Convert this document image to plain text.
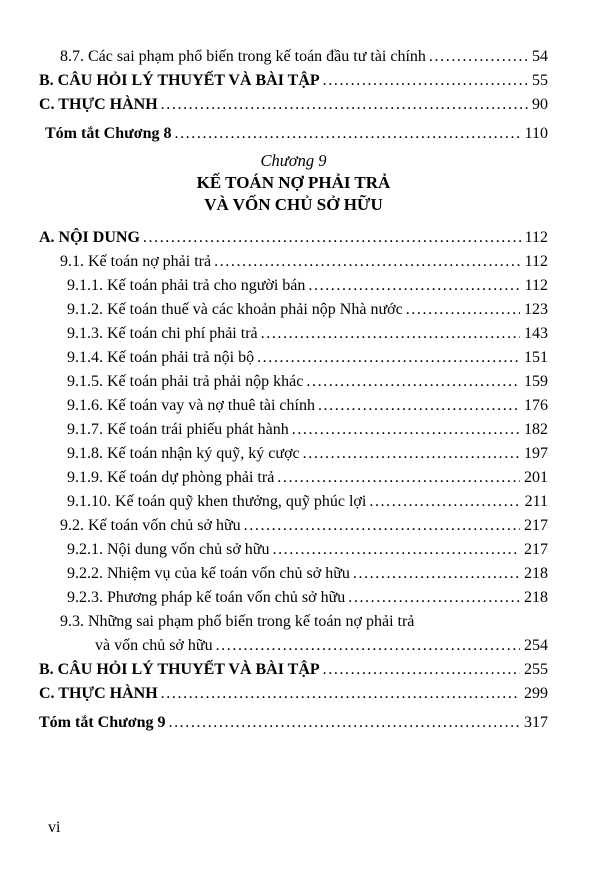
8.7. Các sai phạm phổ biến trong kế toán đầu tư tài chính .....	54
B. CÂU HỎI LÝ THUYẾT VÀ BÀI TẬP .....	55
C. THỰC HÀNH .....	90
Tóm tắt Chương 8 .....	110
Chương 9
KẾ TOÁN NỢ PHẢI TRẢ
VÀ VỐN CHỦ SỞ HỮU
A. NỘI DUNG .....	112
9.1. Kế toán nợ phải trả .....	112
9.1.1. Kế toán phải trả cho người bán .....	112
9.1.2. Kế toán thuế và các khoản phải nộp Nhà nước .....	123
9.1.3. Kế toán chi phí phải trả .....	143
9.1.4. Kế toán phải trả nội bộ .....	151
9.1.5. Kế toán phải trả phải nộp khác .....	159
9.1.6. Kế toán vay và nợ thuê tài chính .....	176
9.1.7. Kế toán trái phiếu phát hành .....	182
9.1.8. Kế toán nhận ký quỹ, ký cược .....	197
9.1.9. Kế toán dự phòng phải trả .....	201
9.1.10. Kế toán quỹ khen thưởng, quỹ phúc lợi .....	211
9.2. Kế toán vốn chủ sở hữu .....	217
9.2.1. Nội dung vốn chủ sở hữu .....	217
9.2.2. Nhiệm vụ của kế toán vốn chủ sở hữu .....	218
9.2.3. Phương pháp kế toán vốn chủ sở hữu .....	218
9.3. Những sai phạm phổ biến trong kế toán nợ phải trả
và vốn chủ sở hữu .....	254
B. CÂU HỎI LÝ THUYẾT VÀ BÀI TẬP .....	255
C. THỰC HÀNH .....	299
Tóm tắt Chương 9 .....	317
vi
